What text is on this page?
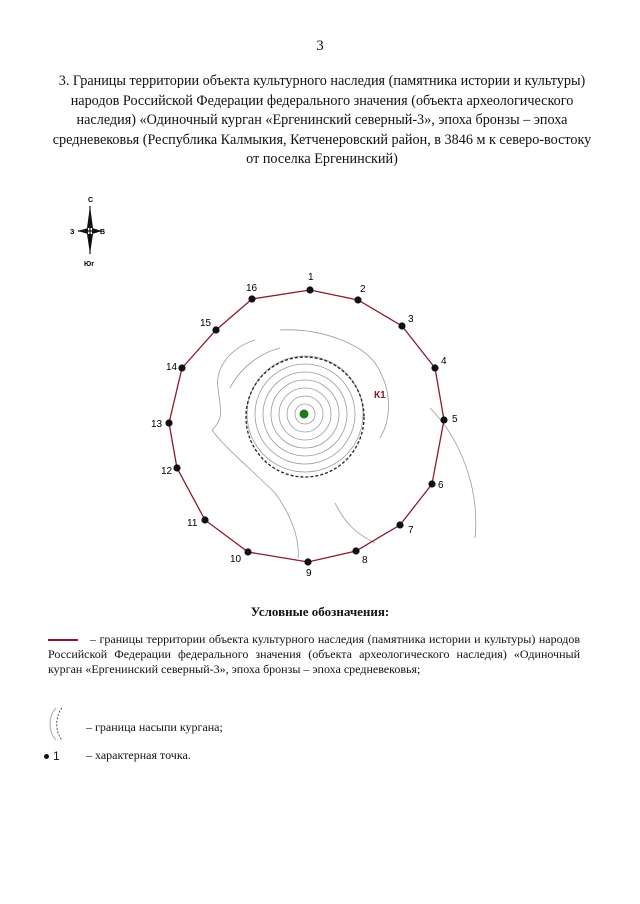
3
3. Границы территории объекта культурного наследия (памятника истории и культуры) народов Российской Федерации федерального значения (объекта археологического наследия) «Одиночный курган «Ергенинский северный-3», эпоха бронзы – эпоха средневековья (Республика Калмыкия, Кетченеровский район, в 3846 м к северо-востоку от поселка Ергенинский)
С
З	В
Юг
К1
1
2
3
4
5
6
7
8
9
10
11
12
13
14
15
16
Условные обозначения:
– границы территории объекта культурного наследия (памятника истории и культуры) народов Российской Федерации федерального значения (объекта археологического наследия) «Одиночный курган «Ергенинский северный-3», эпоха бронзы – эпоха средневековья;
– граница насыпи кургана;
1 – характерная точка.
